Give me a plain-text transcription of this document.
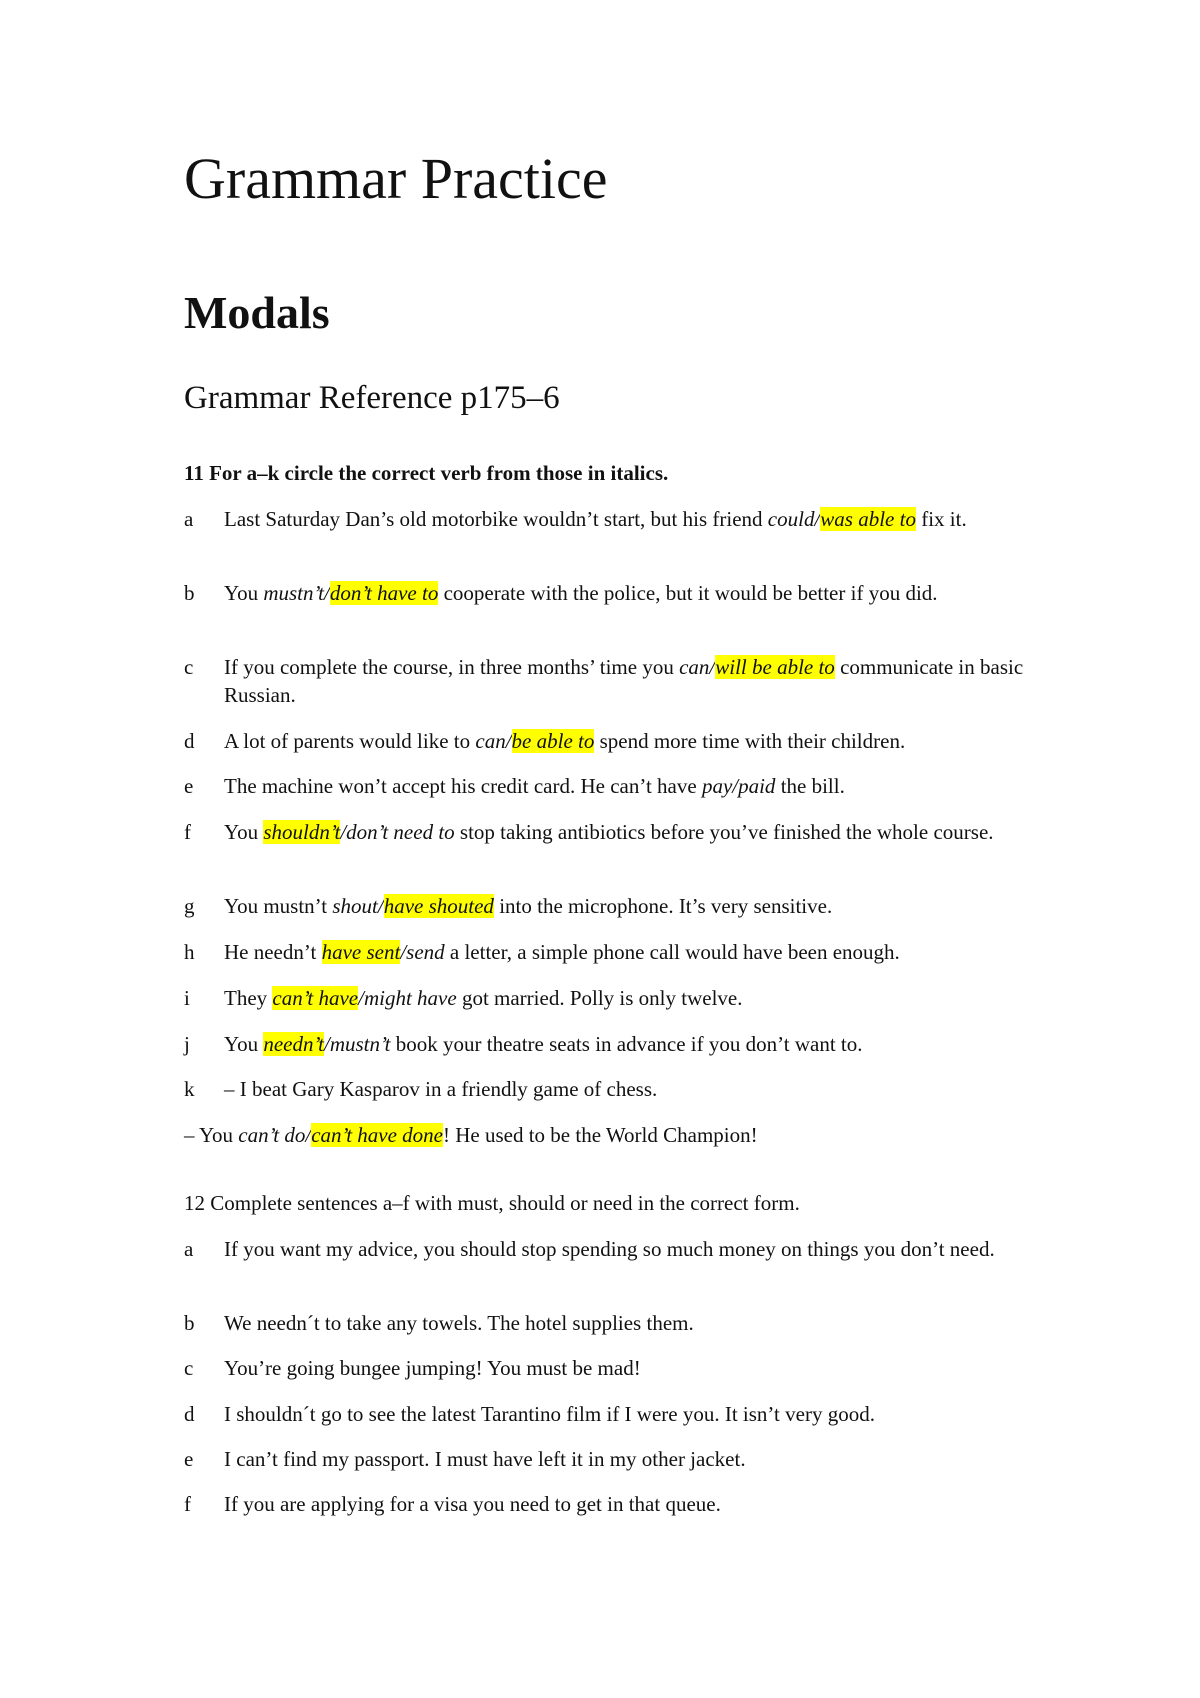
Grammar Practice
Modals
Grammar Reference p175–6
11 For a–k circle the correct verb from those in italics.
a	Last Saturday Dan’s old motorbike wouldn’t start, but his friend could/was able to fix it.
b	You mustn’t/don’t have to cooperate with the police, but it would be better if you did.
c	If you complete the course, in three months’ time you can/will be able to communicate in basic Russian.
d	A lot of parents would like to can/be able to spend more time with their children.
e	The machine won’t accept his credit card. He can’t have pay/paid the bill.
f	You shouldn’t/don’t need to stop taking antibiotics before you’ve finished the whole course.
g	You mustn’t shout/have shouted into the microphone. It’s very sensitive.
h	He needn’t have sent/send a letter, a simple phone call would have been enough.
i	They can’t have/might have got married. Polly is only twelve.
j	You needn’t/mustn’t book your theatre seats in advance if you don’t want to.
k	– I beat Gary Kasparov in a friendly game of chess.
– You can’t do/can’t have done! He used to be the World Champion!
12 Complete sentences a–f with must, should or need in the correct form.
a	If you want my advice, you should stop spending so much money on things you don’t need.
b	We needn´t to take any towels. The hotel supplies them.
c	You’re going bungee jumping! You must be mad!
d	I shouldn´t go to see the latest Tarantino film if I were you. It isn’t very good.
e	I can’t find my passport. I must have left it in my other jacket.
f	If you are applying for a visa you need to get in that queue.
